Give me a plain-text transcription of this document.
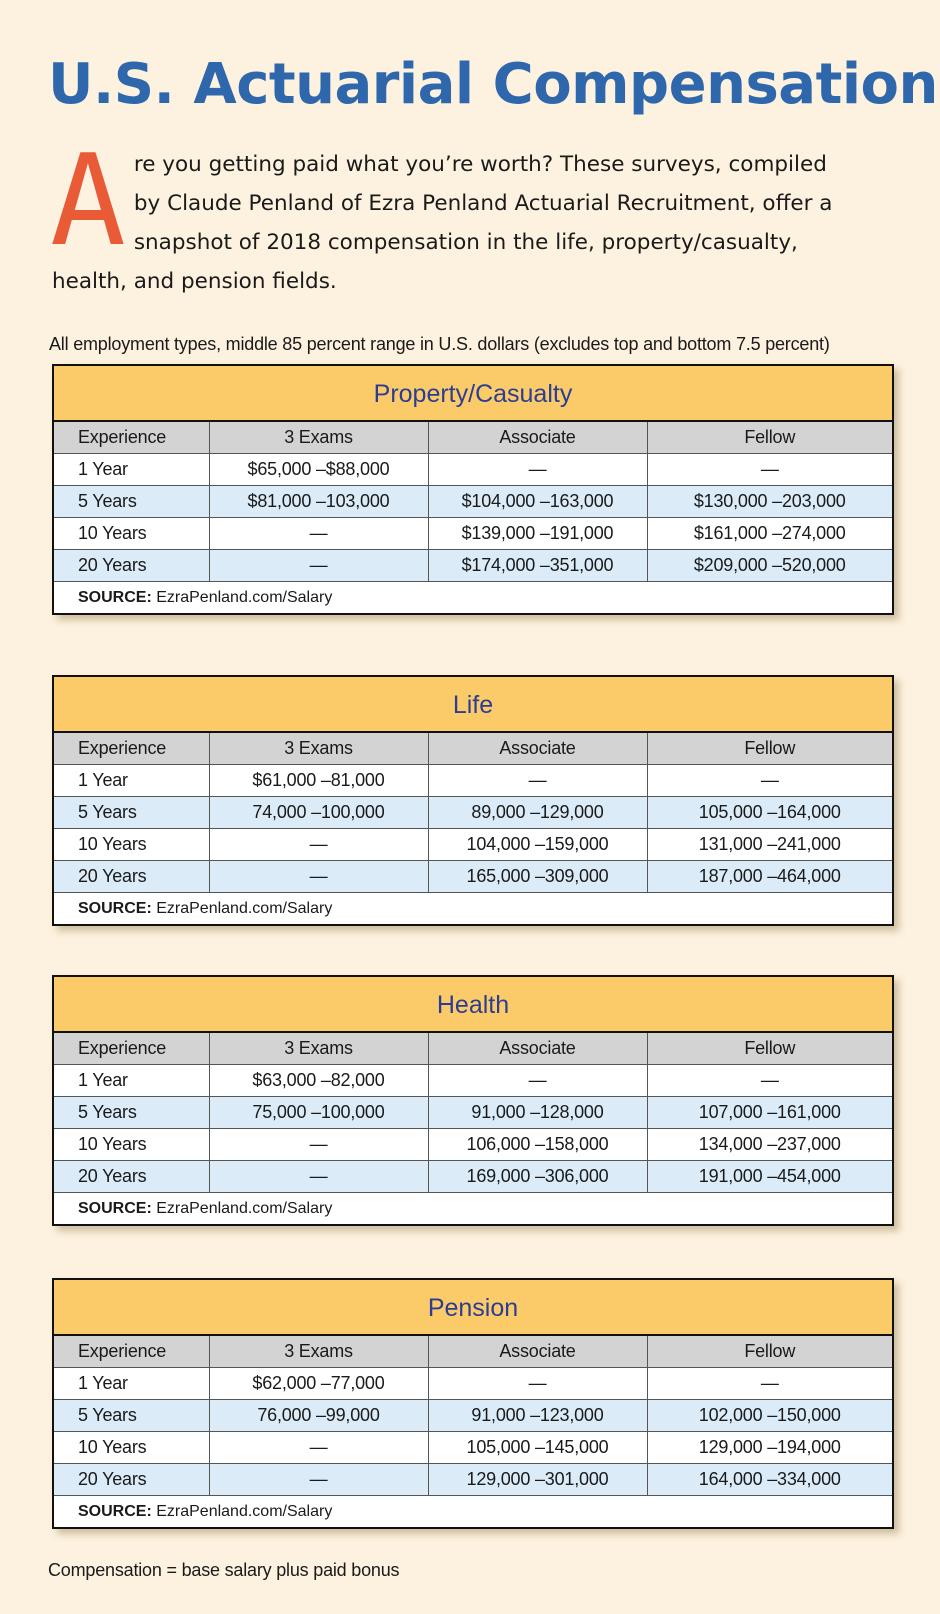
U.S. Actuarial Compensation
A re you getting paid what you’re worth? These surveys, compiled by Claude Penland of Ezra Penland Actuarial Recruitment, offer a snapshot of 2018 compensation in the life, property/casualty, health, and pension fields.
All employment types, middle 85 percent range in U.S. dollars (excludes top and bottom 7.5 percent)
Property/Casualty
Experience	3 Exams	Associate	Fellow
1 Year	$65,000 –$88,000	—	—
5 Years	$81,000 –103,000	$104,000 –163,000	$130,000 –203,000
10 Years	—	$139,000 –191,000	$161,000 –274,000
20 Years	—	$174,000 –351,000	$209,000 –520,000
SOURCE: EzraPenland.com/Salary
Life
Experience	3 Exams	Associate	Fellow
1 Year	$61,000 –81,000	—	—
5 Years	74,000 –100,000	89,000 –129,000	105,000 –164,000
10 Years	—	104,000 –159,000	131,000 –241,000
20 Years	—	165,000 –309,000	187,000 –464,000
SOURCE: EzraPenland.com/Salary
Health
Experience	3 Exams	Associate	Fellow
1 Year	$63,000 –82,000	—	—
5 Years	75,000 –100,000	91,000 –128,000	107,000 –161,000
10 Years	—	106,000 –158,000	134,000 –237,000
20 Years	—	169,000 –306,000	191,000 –454,000
SOURCE: EzraPenland.com/Salary
Pension
Experience	3 Exams	Associate	Fellow
1 Year	$62,000 –77,000	—	—
5 Years	76,000 –99,000	91,000 –123,000	102,000 –150,000
10 Years	—	105,000 –145,000	129,000 –194,000
20 Years	—	129,000 –301,000	164,000 –334,000
SOURCE: EzraPenland.com/Salary
Compensation = base salary plus paid bonus
